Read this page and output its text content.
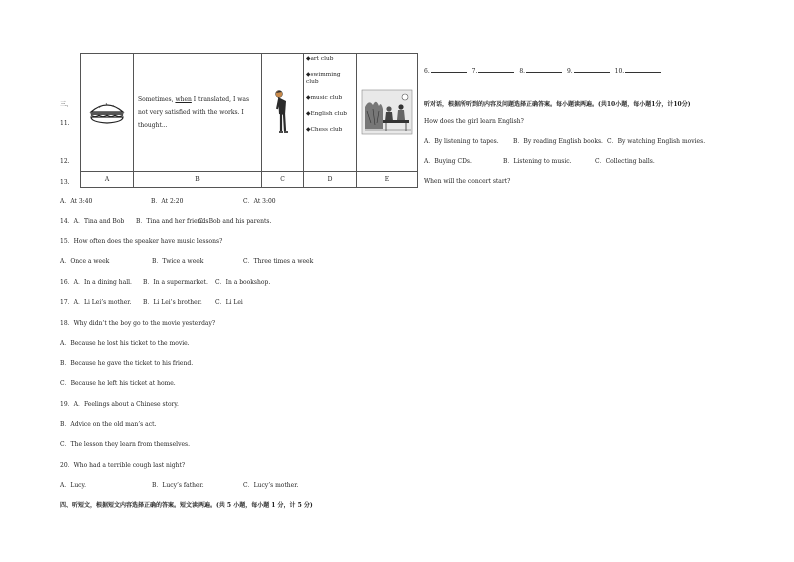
三、
11.
12.
13.
	Sometimes, when I translated, I was not very satisfied with the works. I thought...		◆art club
◆swimming club
◆music club
◆English club
◆Chess club

A	B	C	D	E
A．At 3:40	B．At 2:20	C．At 3:00
14．A．Tina and Bob B．Tina and her friends
C．Bob and his parents.
15．How often does the speaker have music lessons?
A．Once a week	B．Twice a week	C．Three times a week
16．A．In a dining hall. B．In a supermarket. C．In a bookshop.
17．A．Li Lei’s mother. B．Li Lei’s brother. C．Li Lei
18．Why didn’t the boy go to the movie yesterday?
A．Because he lost his ticket to the movie.
B．Because he gave the ticket to his friend.
C．Because he left his ticket at home.
19．A．Feelings about a Chinese story.
B．Advice on the old man’s act.
C．The lesson they learn from themselves.
20．Who had a terrible cough last night?
A．Lucy.	B．Lucy’s father.	C．Lucy’s mother.
四、听短文，根据短文内容选择正确的答案。短文读两遍。(共 5 小题，每小题 1 分，计 5 分)
6.	7.	8.	9.	10.
听对话，根据所听到的内容及问题选择正确答案。每小题读两遍。(共10小题，每小题1分，计10分)
How does the girl learn English?
A．By listening to tapes. B．By reading English books. C．By watching English movies.
A．Buying CDs.	B．Listening to music.	C．Collecting balls.
When will the concert start?
